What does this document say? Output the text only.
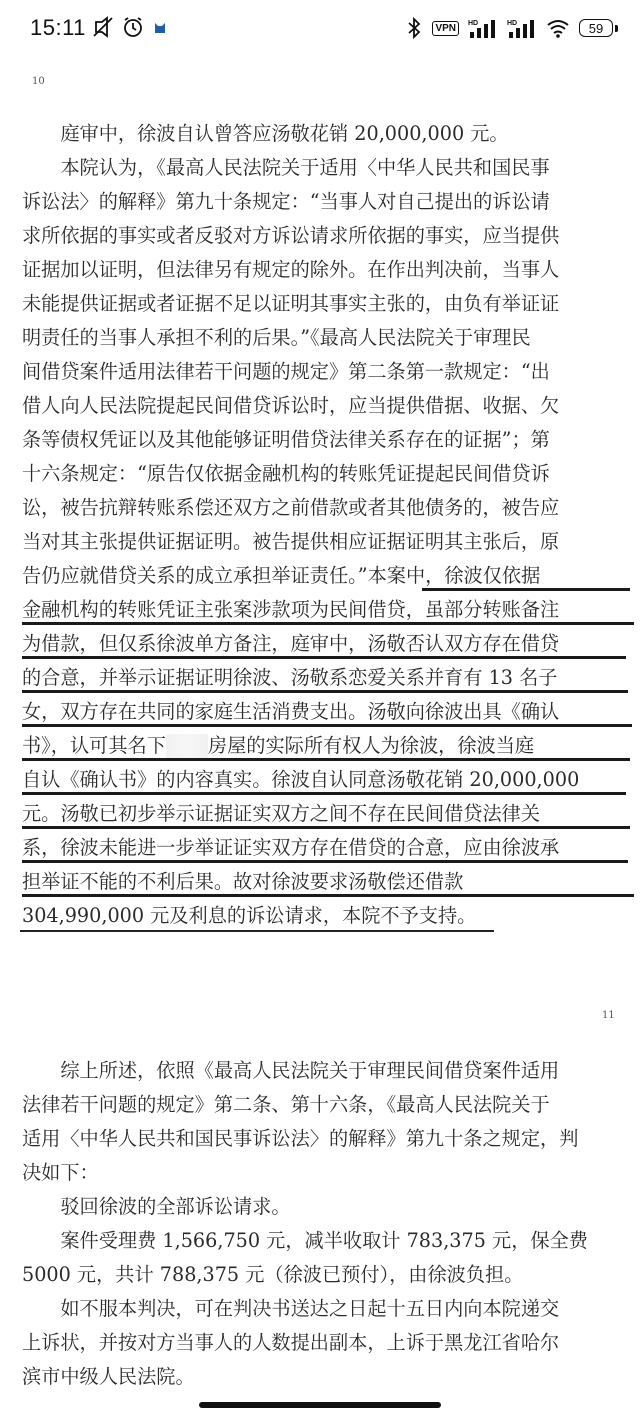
15:11	VPN	HD	HD	59
10
　　庭审中，徐波自认曾答应汤敬花销 20,000,000 元。
　　本院认为，《最高人民法院关于适用〈中华人民共和国民事
诉讼法〉的解释》第九十条规定：“当事人对自己提出的诉讼请
求所依据的事实或者反驳对方诉讼请求所依据的事实，应当提供
证据加以证明，但法律另有规定的除外。在作出判决前，当事人
未能提供证据或者证据不足以证明其事实主张的，由负有举证证
明责任的当事人承担不利的后果。”《最高人民法院关于审理民
间借贷案件适用法律若干问题的规定》第二条第一款规定：“出
借人向人民法院提起民间借贷诉讼时，应当提供借据、收据、欠
条等债权凭证以及其他能够证明借贷法律关系存在的证据”；第
十六条规定：“原告仅依据金融机构的转账凭证提起民间借贷诉
讼，被告抗辩转账系偿还双方之前借款或者其他债务的，被告应
当对其主张提供证据证明。被告提供相应证据证明其主张后，原
告仍应就借贷关系的成立承担举证责任。”本案中，徐波仅依据
金融机构的转账凭证主张案涉款项为民间借贷，虽部分转账备注
为借款，但仅系徐波单方备注，庭审中，汤敬否认双方存在借贷
的合意，并举示证据证明徐波、汤敬系恋爱关系并育有 13 名子
女，双方存在共同的家庭生活消费支出。汤敬向徐波出具《确认
书》，认可其名下 房屋的实际所有权人为徐波，徐波当庭
自认《确认书》的内容真实。徐波自认同意汤敬花销 20,000,000
元。汤敬已初步举示证据证实双方之间不存在民间借贷法律关
系，徐波未能进一步举证证实双方存在借贷的合意，应由徐波承
担举证不能的不利后果。故对徐波要求汤敬偿还借款
304,990,000 元及利息的诉讼请求，本院不予支持。
11
　　综上所述，依照《最高人民法院关于审理民间借贷案件适用
法律若干问题的规定》第二条、第十六条，《最高人民法院关于
适用〈中华人民共和国民事诉讼法〉的解释》第九十条之规定，判
决如下：
　　驳回徐波的全部诉讼请求。
　　案件受理费 1,566,750 元，减半收取计 783,375 元，保全费
5000 元，共计 788,375 元（徐波已预付），由徐波负担。
　　如不服本判决，可在判决书送达之日起十五日内向本院递交
上诉状，并按对方当事人的人数提出副本，上诉于黑龙江省哈尔
滨市中级人民法院。
